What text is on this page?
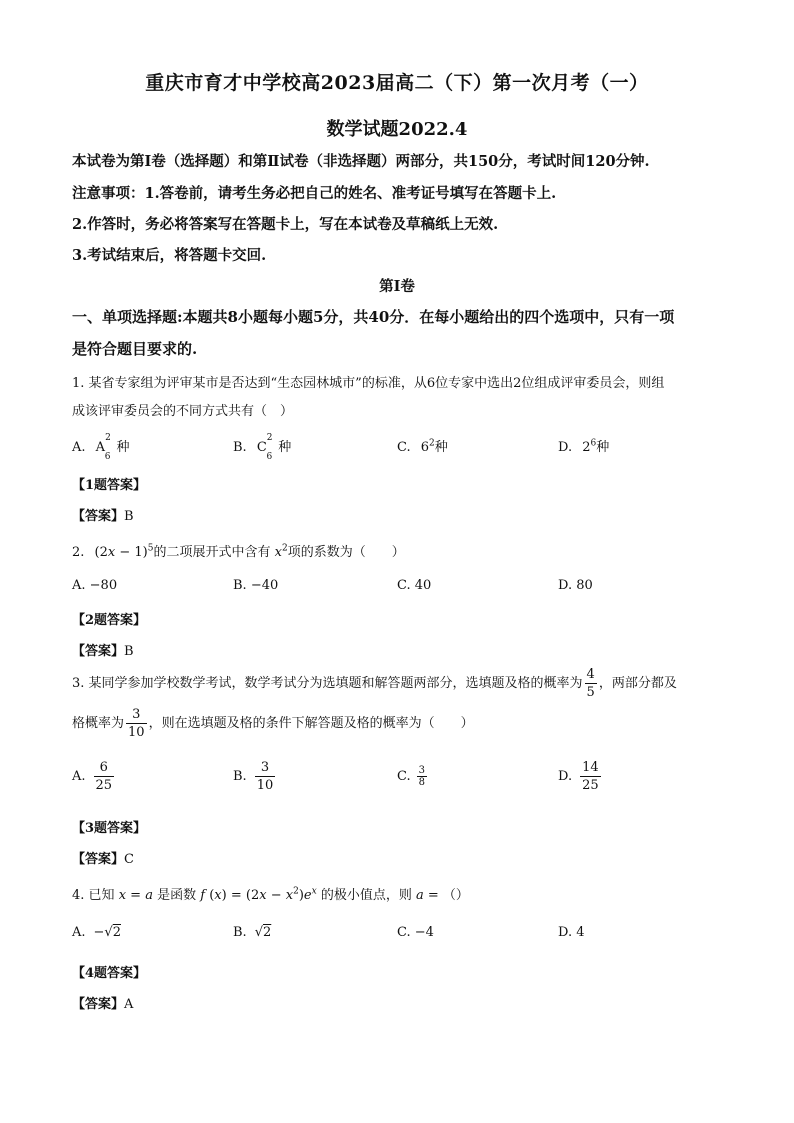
重庆市育才中学校高2023届高二（下）第一次月考（一）
数学试题2022.4
本试卷为第Ⅰ卷（选择题）和第Ⅱ试卷（非选择题）两部分，共150分，考试时间120分钟.
注意事项：1.答卷前，请考生务必把自己的姓名、准考证号填写在答题卡上.
2.作答时，务必将答案写在答题卡上，写在本试卷及草稿纸上无效.
3.考试结束后，将答题卡交回.
第Ⅰ卷
一、单项选择题:本题共8小题每小题5分，共40分．在每小题给出的四个选项中，只有一项
是符合题目要求的.
1. 某省专家组为评审某市是否达到“生态园林城市”的标准，从6位专家中选出2位组成评审委员会，则组
成该评审委员会的不同方式共有（　）
A. $A^2_6$种	B. $C^2_6$种	C. $6^2$种	D. $2^6$种
【1题答案】
【答案】B
2. $(2x - 1)^5$的二项展开式中含有 $x^2$项的系数为（　　）
A. −80	B. −40	C. 40	D. 80
【2题答案】
【答案】B
3. 某同学参加学校数学考试，数学考试分为选填题和解答题两部分，选填题及格的概率为 $\frac{4}{5}$ ，两部分都及
格概率为 $\frac{3}{10}$ ，则在选填题及格的条件下解答题及格的概率为（　　）
A. $\frac{6}{25}$	B. $\frac{3}{10}$	C. $\frac{3}{8}$	D. $\frac{14}{25}$
【3题答案】
【答案】C
4. 已知 x = a 是函数 f $(x) = (2x - x^2)e^x$ 的极小值点，则 a = （）
A. −√2	B. √2	C. −4	D. 4
【4题答案】
【答案】A
